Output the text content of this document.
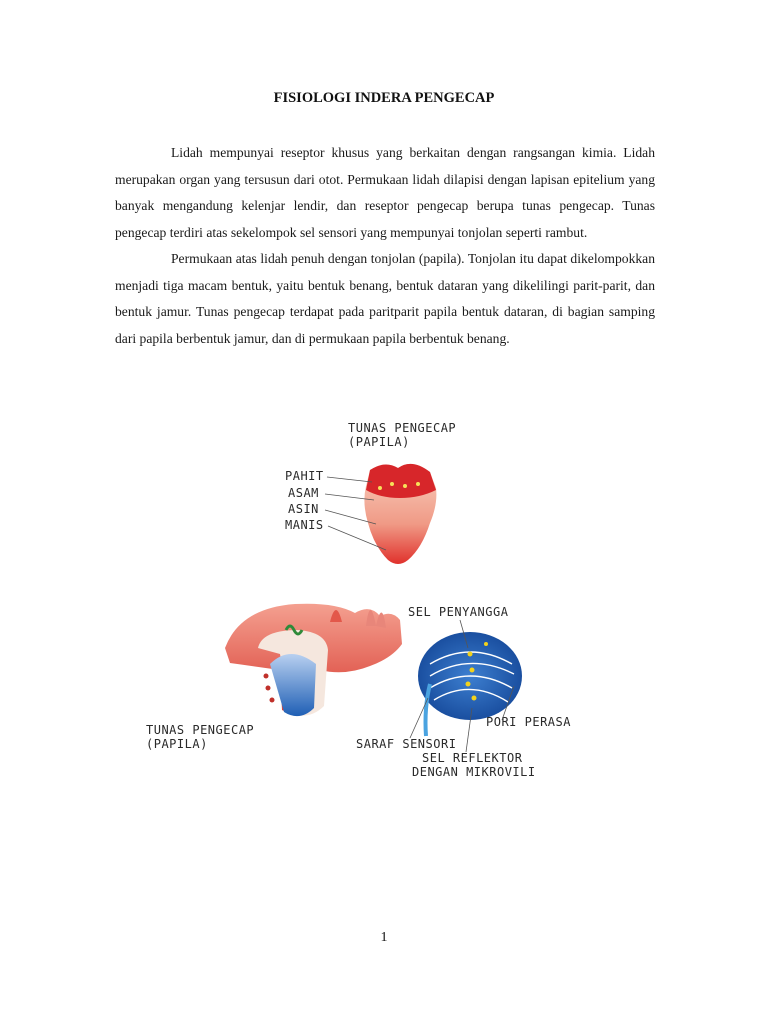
FISIOLOGI INDERA PENGECAP

Lidah mempunyai reseptor khusus yang berkaitan dengan rangsangan kimia. Lidah merupakan organ yang tersusun dari otot. Permukaan lidah dilapisi dengan lapisan epitelium yang banyak mengandung kelenjar lendir, dan reseptor pengecap berupa tunas pengecap. Tunas pengecap terdiri atas sekelompok sel sensori yang mempunyai tonjolan seperti rambut.

Permukaan atas lidah penuh dengan tonjolan (papila). Tonjolan itu dapat dikelompokkan menjadi tiga macam bentuk, yaitu bentuk benang, bentuk dataran yang dikelilingi parit-parit, dan bentuk jamur. Tunas pengecap terdapat pada paritparit papila bentuk dataran, di bagian samping dari papila berbentuk jamur, dan di permukaan papila berbentuk benang.

TUNAS PENGECAP
(PAPILA)
PAHIT
ASAM
ASIN
MANIS
TUNAS PENGECAP
(PAPILA)
SEL PENYANGGA
PORI PERASA
SARAF SENSORI
SEL REFLEKTOR
DENGAN MIKROVILI
1
